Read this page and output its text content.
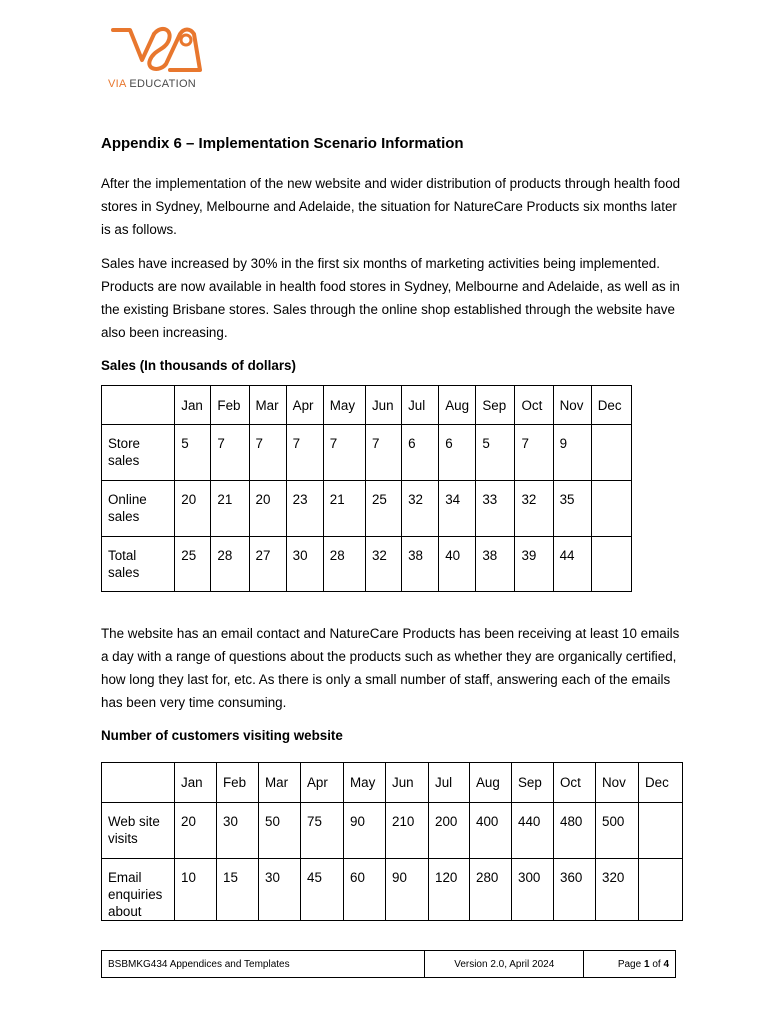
VIA EDUCATION
Appendix 6 – Implementation Scenario Information

After the implementation of the new website and wider distribution of products through health food stores in Sydney, Melbourne and Adelaide, the situation for NatureCare Products six months later is as follows.

Sales have increased by 30% in the first six months of marketing activities being implemented. Products are now available in health food stores in Sydney, Melbourne and Adelaide, as well as in the existing Brisbane stores. Sales through the online shop established through the website have also been increasing.

Sales (In thousands of dollars)
	Jan	Feb	Mar	Apr	May	Jun	Jul	Aug	Sep	Oct	Nov	Dec
Store sales	5	7	7	7	7	7	6	6	5	7	9	
Online sales	20	21	20	23	21	25	32	34	33	32	35	
Total sales	25	28	27	30	28	32	38	40	38	39	44	

The website has an email contact and NatureCare Products has been receiving at least 10 emails a day with a range of questions about the products such as whether they are organically certified, how long they last for, etc. As there is only a small number of staff, answering each of the emails has been very time consuming.

Number of customers visiting website
	Jan	Feb	Mar	Apr	May	Jun	Jul	Aug	Sep	Oct	Nov	Dec
Web site visits	20	30	50	75	90	210	200	400	440	480	500	
Email enquiries about	10	15	30	45	60	90	120	280	300	360	320	
BSBMKG434 Appendices and Templates	Version 2.0, April 2024	Page 1 of 4
